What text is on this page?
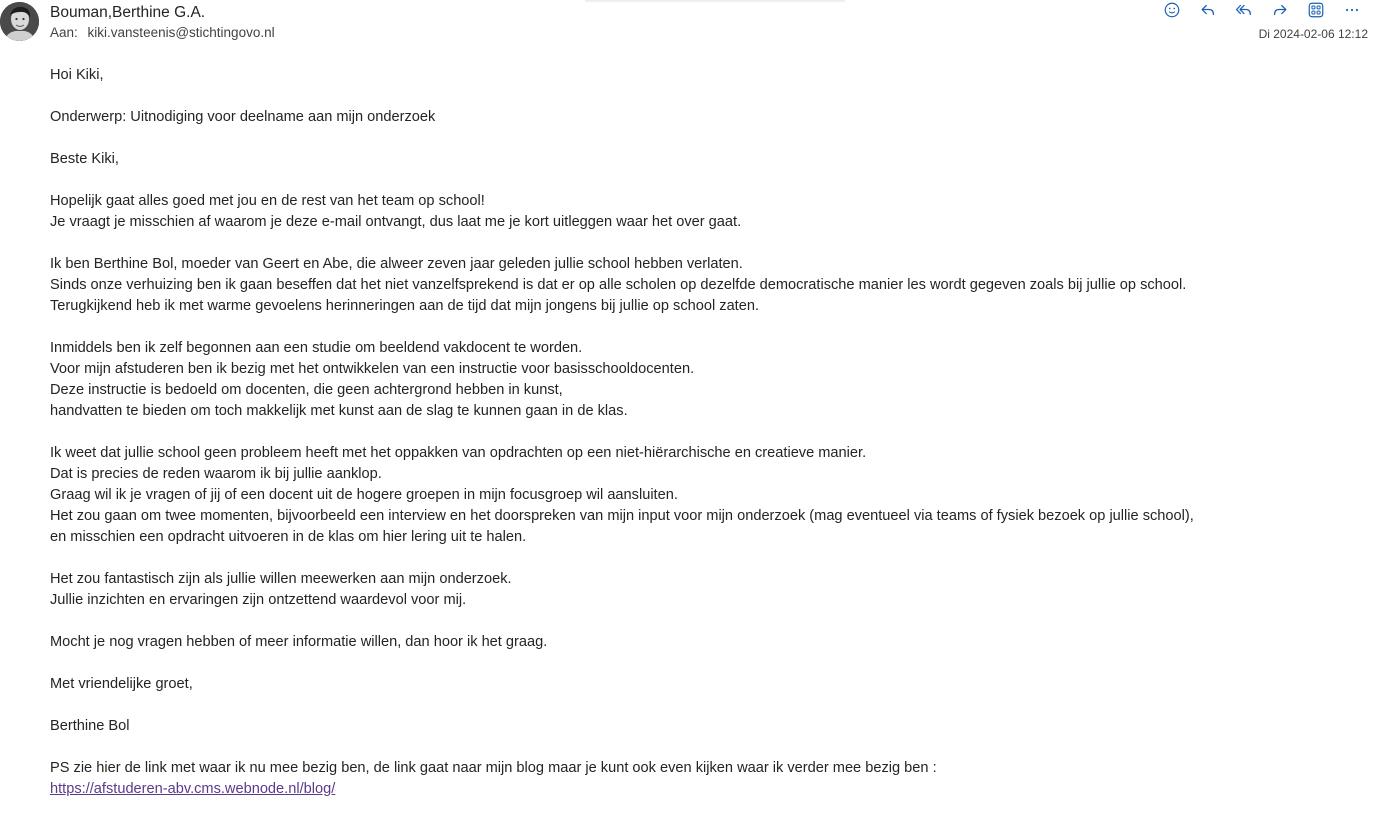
Bouman,Berthine G.A.
Aan: kiki.vansteenis@stichtingovo.nl	Di 2024-02-06 12:12

Hoi Kiki,

Onderwerp: Uitnodiging voor deelname aan mijn onderzoek

Beste Kiki,

Hopelijk gaat alles goed met jou en de rest van het team op school!
Je vraagt je misschien af waarom je deze e-mail ontvangt, dus laat me je kort uitleggen waar het over gaat.

Ik ben Berthine Bol, moeder van Geert en Abe, die alweer zeven jaar geleden jullie school hebben verlaten.
Sinds onze verhuizing ben ik gaan beseffen dat het niet vanzelfsprekend is dat er op alle scholen op dezelfde democratische manier les wordt gegeven zoals bij jullie op school.
Terugkijkend heb ik met warme gevoelens herinneringen aan de tijd dat mijn jongens bij jullie op school zaten.

Inmiddels ben ik zelf begonnen aan een studie om beeldend vakdocent te worden.
Voor mijn afstuderen ben ik bezig met het ontwikkelen van een instructie voor basisschooldocenten.
Deze instructie is bedoeld om docenten, die geen achtergrond hebben in kunst,
handvatten te bieden om toch makkelijk met kunst aan de slag te kunnen gaan in de klas.

Ik weet dat jullie school geen probleem heeft met het oppakken van opdrachten op een niet-hiërarchische en creatieve manier.
Dat is precies de reden waarom ik bij jullie aanklop.
Graag wil ik je vragen of jij of een docent uit de hogere groepen in mijn focusgroep wil aansluiten.
Het zou gaan om twee momenten, bijvoorbeeld een interview en het doorspreken van mijn input voor mijn onderzoek (mag eventueel via teams of fysiek bezoek op jullie school),
en misschien een opdracht uitvoeren in de klas om hier lering uit te halen.

Het zou fantastisch zijn als jullie willen meewerken aan mijn onderzoek.
Jullie inzichten en ervaringen zijn ontzettend waardevol voor mij.

Mocht je nog vragen hebben of meer informatie willen, dan hoor ik het graag.

Met vriendelijke groet,

Berthine Bol

PS zie hier de link met waar ik nu mee bezig ben, de link gaat naar mijn blog maar je kunt ook even kijken waar ik verder mee bezig ben :
https://afstuderen-abv.cms.webnode.nl/blog/
